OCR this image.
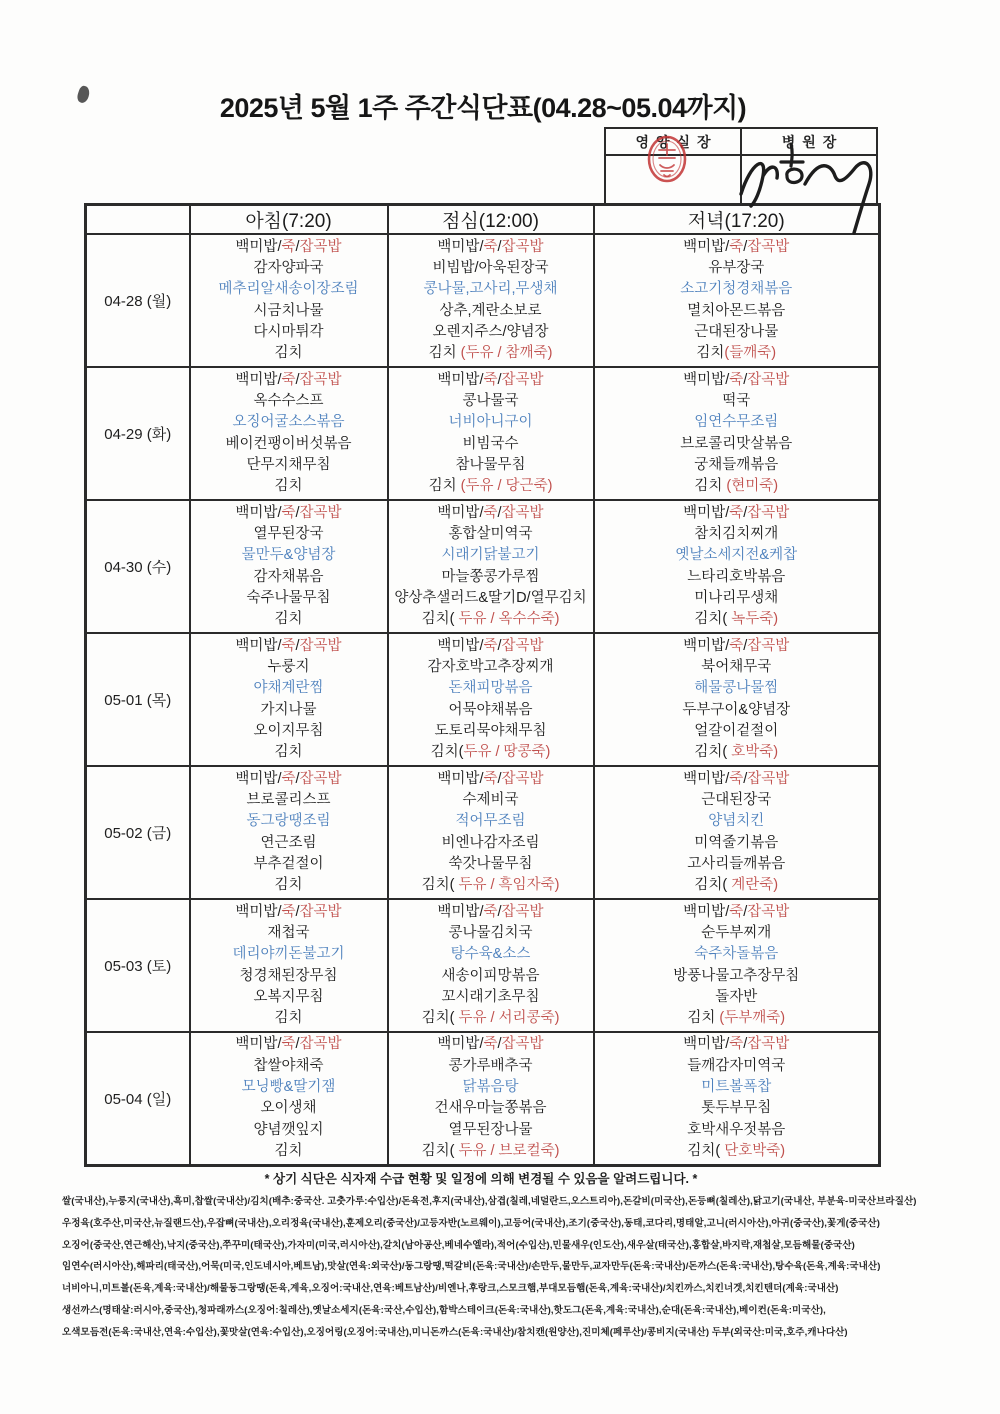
2025년 5월 1주 주간식단표(04.28~05.04까지)
영양실장	병원장
	아침(7:20)	점심(12:00)	저녁(17:20)
04-28 (월)	
백미밥/죽/잡곡밥
감자양파국
메추리알새송이장조림
시금치나물
다시마튀각
김치

백미밥/죽/잡곡밥
비빔밥/아욱된장국
콩나물,고사리,무생채
상추,계란소보로
오렌지주스/양념장
김치 (두유 / 참깨죽)

백미밥/죽/잡곡밥
유부장국
소고기청경채볶음
멸치아몬드볶음
근대된장나물
김치(들깨죽)

04-29 (화)	
백미밥/죽/잡곡밥
옥수수스프
오징어굴소스볶음
베이컨팽이버섯볶음
단무지채무침
김치

백미밥/죽/잡곡밥
콩나물국
너비아니구이
비빔국수
참나물무침
김치 (두유 / 당근죽)

백미밥/죽/잡곡밥
떡국
임연수무조림
브로콜리맛살볶음
궁채들깨볶음
김치 (현미죽)

04-30 (수)	
백미밥/죽/잡곡밥
열무된장국
물만두&양념장
감자채볶음
숙주나물무침
김치

백미밥/죽/잡곡밥
홍합살미역국
시래기닭불고기
마늘쫑콩가루찜
양상추샐러드&딸기D/열무김치
김치( 두유 / 옥수수죽)

백미밥/죽/잡곡밥
참치김치찌개
옛날소세지전&케찹
느타리호박볶음
미나리무생채
김치( 녹두죽)

05-01 (목)	
백미밥/죽/잡곡밥
누룽지
야채계란찜
가지나물
오이지무침
김치

백미밥/죽/잡곡밥
감자호박고추장찌개
돈채피망볶음
어묵야채볶음
도토리묵야채무침
김치(두유 / 땅콩죽)

백미밥/죽/잡곡밥
북어채무국
해물콩나물찜
두부구이&양념장
얼갈이겉절이
김치( 호박죽)

05-02 (금)	
백미밥/죽/잡곡밥
브로콜리스프
동그랑땡조림
연근조림
부추겉절이
김치

백미밥/죽/잡곡밥
수제비국
적어무조림
비엔나감자조림
쑥갓나물무침
김치( 두유 / 흑임자죽)

백미밥/죽/잡곡밥
근대된장국
양념치킨
미역줄기볶음
고사리들깨볶음
김치( 계란죽)

05-03 (토)	
백미밥/죽/잡곡밥
재첩국
데리야끼돈불고기
청경채된장무침
오복지무침
김치

백미밥/죽/잡곡밥
콩나물김치국
탕수육&소스
새송이피망볶음
꼬시래기초무침
김치( 두유 / 서리콩죽)

백미밥/죽/잡곡밥
순두부찌개
숙주차돌볶음
방풍나물고추장무침
돌자반
김치 (두부깨죽)

05-04 (일)	
백미밥/죽/잡곡밥
찹쌀야채죽
모닝빵&딸기잼
오이생채
양념깻잎지
김치

백미밥/죽/잡곡밥
콩가루배추국
닭볶음탕
건새우마늘쫑볶음
열무된장나물
김치( 두유 / 브로컬죽)

백미밥/죽/잡곡밥
들깨감자미역국
미트볼폭찹
톳두부무침
호박새우젓볶음
김치( 단호박죽)
* 상기 식단은 식자재 수급 현황 및 일정에 의해 변경될 수 있음을 알려드립니다. *
쌀(국내산),누룽지(국내산),흑미,찹쌀(국내산)/김치(배추:중국산. 고춧가루:수입산)/돈육전,후지(국내산),삼겹(칠레,네덜란드,오스트리아),돈갈비(미국산),돈등뼈(칠레산),닭고기(국내산, 부분육-미국산브라질산)
우정육(호주산,미국산,뉴질랜드산),우잡뼈(국내산),오리정육(국내산),훈제오리(중국산)/고등자반(노르웨이),고등어(국내산),조기(중국산),동태,코다리,명태알,고니(러시아산),아귀(중국산),꽃게(중국산)
오징어(중국산,연근해산),낙지(중국산),쭈꾸미(태국산),가자미(미국,러시아산),갈치(남아공산,베네수엘라),적어(수입산),민물새우(인도산),새우살(태국산),홍합살,바지락,재첩살,모듬해물(중국산)
임연수(러시아산),해파리(태국산),어묵(미국,인도네시아,베트남),맛살(연육:외국산)/동그랑땡,떡갈비(돈육:국내산)/손만두,물만두,교자만두(돈육:국내산)/돈까스(돈육:국내산),탕수육(돈육,계육:국내산)
너비아니,미트볼(돈육,계육:국내산)/해물동그랑땡(돈육,계육,오징어:국내산,연육:베트남산)/비엔나,후랑크,스모크햄,부대모듬햄(돈육,계육:국내산)/치킨까스,치킨너겟,치킨텐더(계육:국내산)
생선까스(명태살:러시아,중국산),청파래까스(오징어:칠레산),옛날소세지(돈육:국산,수입산),함박스테이크(돈육:국내산),핫도그(돈육,계육:국내산),순대(돈육:국내산),베이컨(돈육:미국산),
오색모듬전(돈육:국내산,연육:수입산),꽃맛살(연육:수입산),오징어링(오징어:국내산),미니돈까스(돈육:국내산)/참치캔(원양산),진미체(페루산)/콩비지(국내산) 두부(외국산:미국,호주,캐나다산)
